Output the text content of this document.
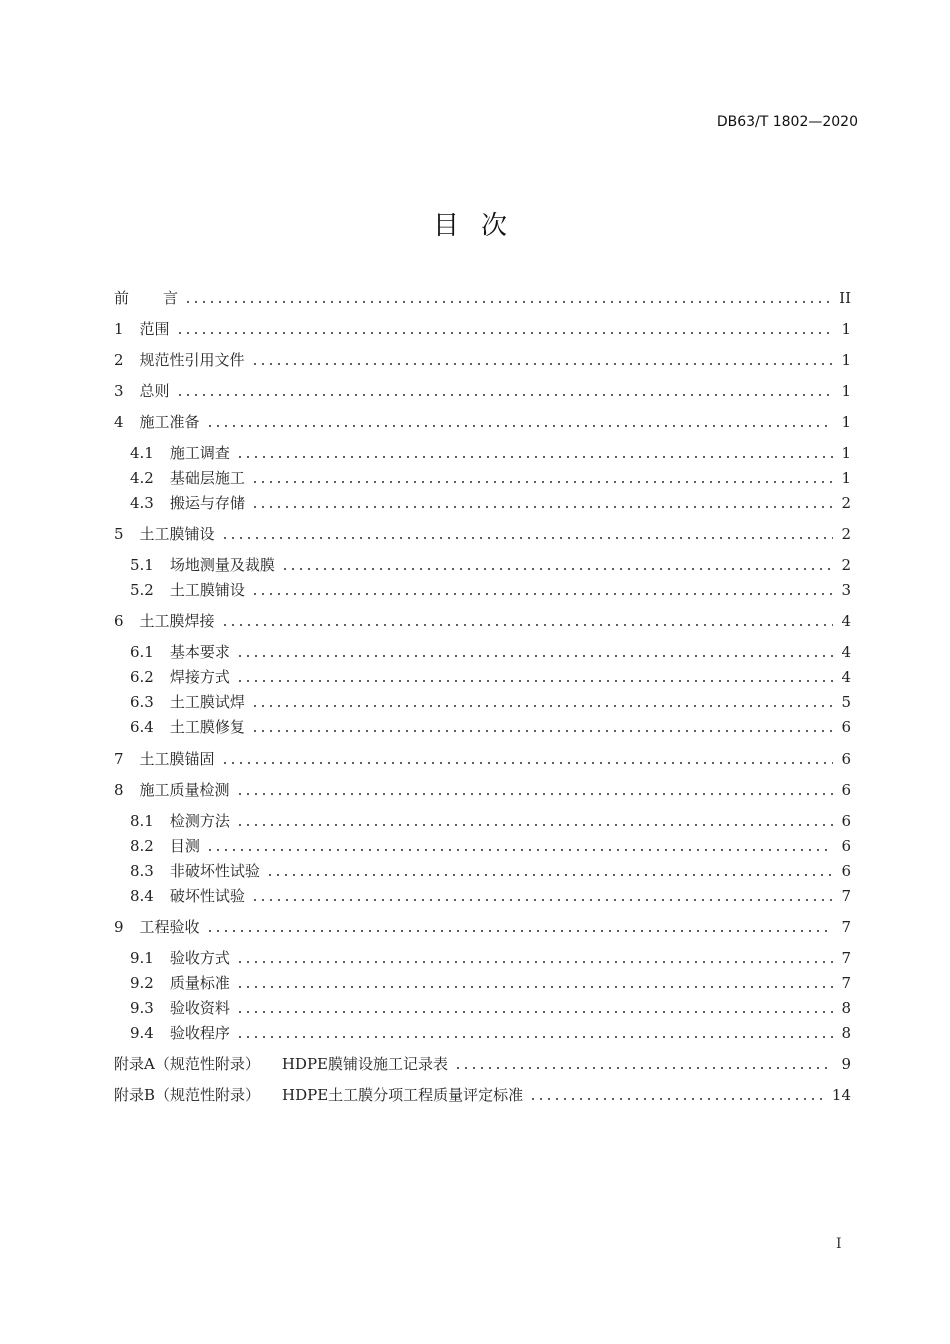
DB63/T 1802—2020
目次
前 言	II
1 范围	1
2 规范性引用文件	1
3 总则	1
4 施工准备	1
4.1 施工调查	1
4.2 基础层施工	1
4.3 搬运与存储	2
5 土工膜铺设	2
5.1 场地测量及裁膜	2
5.2 土工膜铺设	3
6 土工膜焊接	4
6.1 基本要求	4
6.2 焊接方式	4
6.3 土工膜试焊	5
6.4 土工膜修复	6
7 土工膜锚固	6
8 施工质量检测	6
8.1 检测方法	6
8.2 目测	6
8.3 非破坏性试验	6
8.4 破坏性试验	7
9 工程验收	7
9.1 验收方式	7
9.2 质量标准	7
9.3 验收资料	8
9.4 验收程序	8
附录A（规范性附录） HDPE膜铺设施工记录表	9
附录B（规范性附录） HDPE土工膜分项工程质量评定标准	14
I
